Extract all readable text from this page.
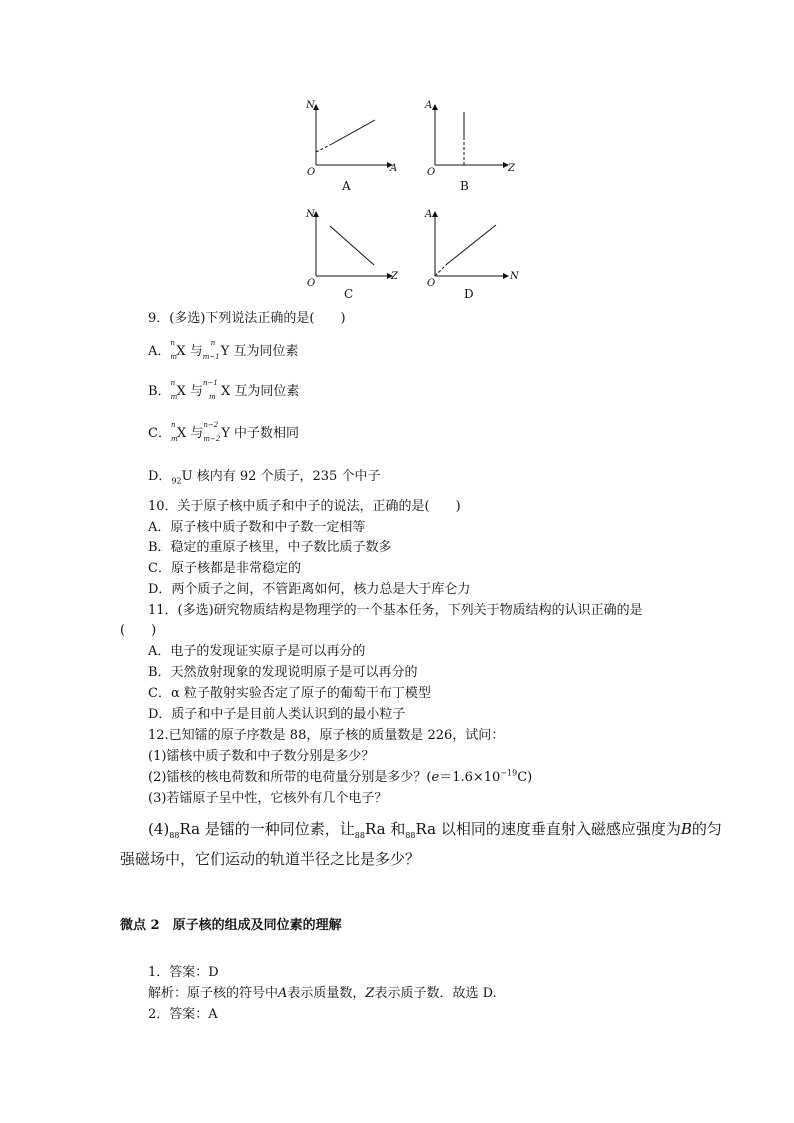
N
A
O
A
A
Z
O
B
N
Z
O
C
A
N
O
D
9．(多选)下列说法正确的是(　　)
A．
n
m X 与
n
m−1 Y 互为同位素
B．
n
m X 与
n−1
m X 互为同位素
C．
n
m X 与
n−2
m−2 Y 中子数相同
D．$_{92}$U 核内有 92 个质子，235 个中子
10．关于原子核中质子和中子的说法，正确的是(　　)
A．原子核中质子数和中子数一定相等
B．稳定的重原子核里，中子数比质子数多
C．原子核都是非常稳定的
D．两个质子之间，不管距离如何，核力总是大于库仑力
11．(多选)研究物质结构是物理学的一个基本任务，下列关于物质结构的认识正确的是
(　　)
A．电子的发现证实原子是可以再分的
B．天然放射现象的发现说明原子是可以再分的
C．α 粒子散射实验否定了原子的葡萄干布丁模型
D．质子和中子是目前人类认识到的最小粒子
12.已知镭的原子序数是 88，原子核的质量数是 226，试问：
(1)镭核中质子数和中子数分别是多少？
(2)镭核的核电荷数和所带的电荷量分别是多少？$(e=1.6\times 10^{-19}C)$
(3)若镭原子呈中性，它核外有几个电子？
$(4)_{88}Ra$ 是镭的一种同位素，让$_{88}$Ra 和$_{88}$Ra 以相同的速度垂直射入磁感应强度为B的匀
强磁场中，它们运动的轨道半径之比是多少？
微点 2　原子核的组成及同位素的理解
1．答案：D
解析：原子核的符号中A表示质量数，Z表示质子数．故选 D.
2．答案：A
